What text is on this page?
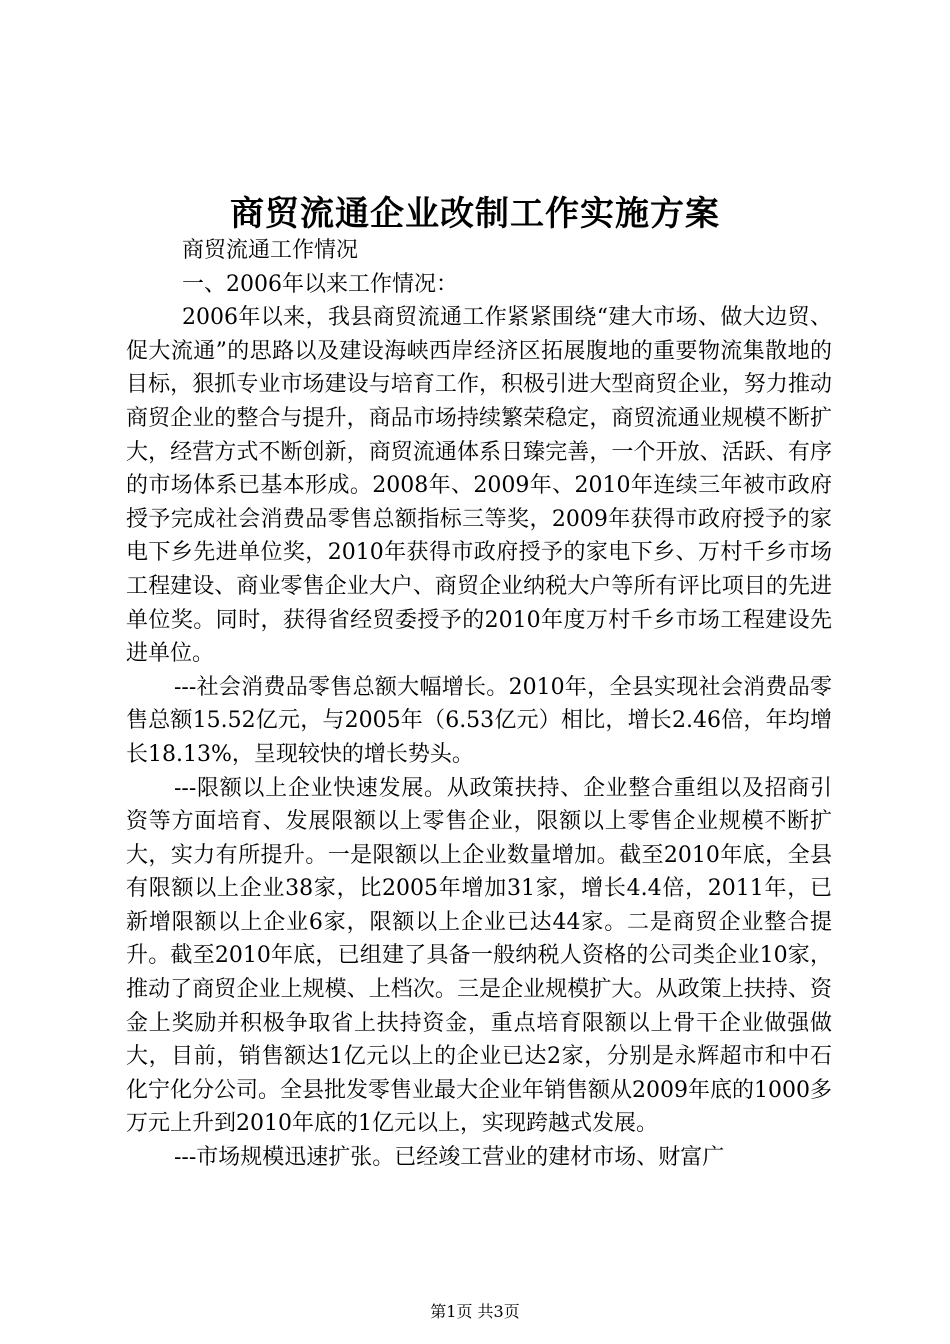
商贸流通企业改制工作实施方案

商贸流通工作情况

一、2006年以来工作情况：

2006年以来，我县商贸流通工作紧紧围绕“建大市场、做大边贸、促大流通”的思路以及建设海峡西岸经济区拓展腹地的重要物流集散地的目标，狠抓专业市场建设与培育工作，积极引进大型商贸企业，努力推动商贸企业的整合与提升，商品市场持续繁荣稳定，商贸流通业规模不断扩大，经营方式不断创新，商贸流通体系日臻完善，一个开放、活跃、有序的市场体系已基本形成。2008年、2009年、2010年连续三年被市政府授予完成社会消费品零售总额指标三等奖，2009年获得市政府授予的家电下乡先进单位奖，2010年获得市政府授予的家电下乡、万村千乡市场工程建设、商业零售企业大户、商贸企业纳税大户等所有评比项目的先进单位奖。同时，获得省经贸委授予的2010年度万村千乡市场工程建设先进单位。

---社会消费品零售总额大幅增长。2010年，全县实现社会消费品零售总额15.52亿元，与2005年（6.53亿元）相比，增长2.46倍，年均增长18.13%，呈现较快的增长势头。

---限额以上企业快速发展。从政策扶持、企业整合重组以及招商引资等方面培育、发展限额以上零售企业，限额以上零售企业规模不断扩大，实力有所提升。一是限额以上企业数量增加。截至2010年底，全县有限额以上企业38家，比2005年增加31家，增长4.4倍，2011年，已新增限额以上企业6家，限额以上企业已达44家。二是商贸企业整合提升。截至2010年底，已组建了具备一般纳税人资格的公司类企业10家，推动了商贸企业上规模、上档次。三是企业规模扩大。从政策上扶持、资金上奖励并积极争取省上扶持资金，重点培育限额以上骨干企业做强做大，目前，销售额达1亿元以上的企业已达2家，分别是永辉超市和中石化宁化分公司。全县批发零售业最大企业年销售额从2009年底的1000多万元上升到2010年底的1亿元以上，实现跨越式发展。

---市场规模迅速扩张。已经竣工营业的建材市场、财富广

第1页 共3页
